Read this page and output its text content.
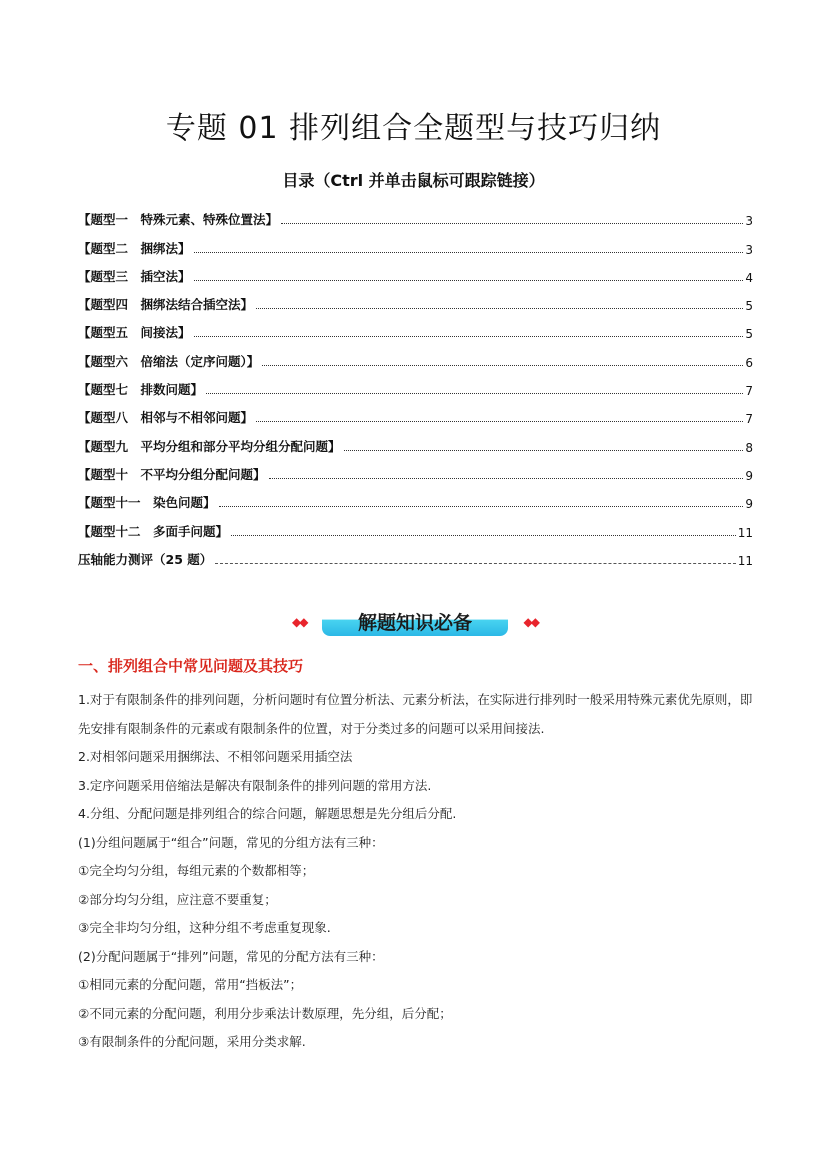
专题 01 排列组合全题型与技巧归纳
目录（Ctrl 并单击鼠标可跟踪链接）
【题型一　特殊元素、特殊位置法】	3
【题型二　捆绑法】	3
【题型三　插空法】	4
【题型四　捆绑法结合插空法】	5
【题型五　间接法】	5
【题型六　倍缩法（定序问题）】	6
【题型七　排数问题】	7
【题型八　相邻与不相邻问题】	7
【题型九　平均分组和部分平均分组分配问题】	8
【题型十　不平均分组分配问题】	9
【题型十一　染色问题】	9
【题型十二　多面手问题】	11
压轴能力测评（25 题）	11
◆◆	解题知识必备	◆◆
一、排列组合中常见问题及其技巧

1.对于有限制条件的排列问题，分析问题时有位置分析法、元素分析法，在实际进行排列时一般采用特殊元素优先原则，即先安排有限制条件的元素或有限制条件的位置，对于分类过多的问题可以采用间接法.

2.对相邻问题采用捆绑法、不相邻问题采用插空法

3.定序问题采用倍缩法是解决有限制条件的排列问题的常用方法.

4.分组、分配问题是排列组合的综合问题，解题思想是先分组后分配.

(1)分组问题属于“组合”问题，常见的分组方法有三种：

①完全均匀分组，每组元素的个数都相等；

②部分均匀分组，应注意不要重复；

③完全非均匀分组，这种分组不考虑重复现象.

(2)分配问题属于“排列”问题，常见的分配方法有三种：

①相同元素的分配问题，常用“挡板法”；

②不同元素的分配问题，利用分步乘法计数原理，先分组，后分配；

③有限制条件的分配问题，采用分类求解.
